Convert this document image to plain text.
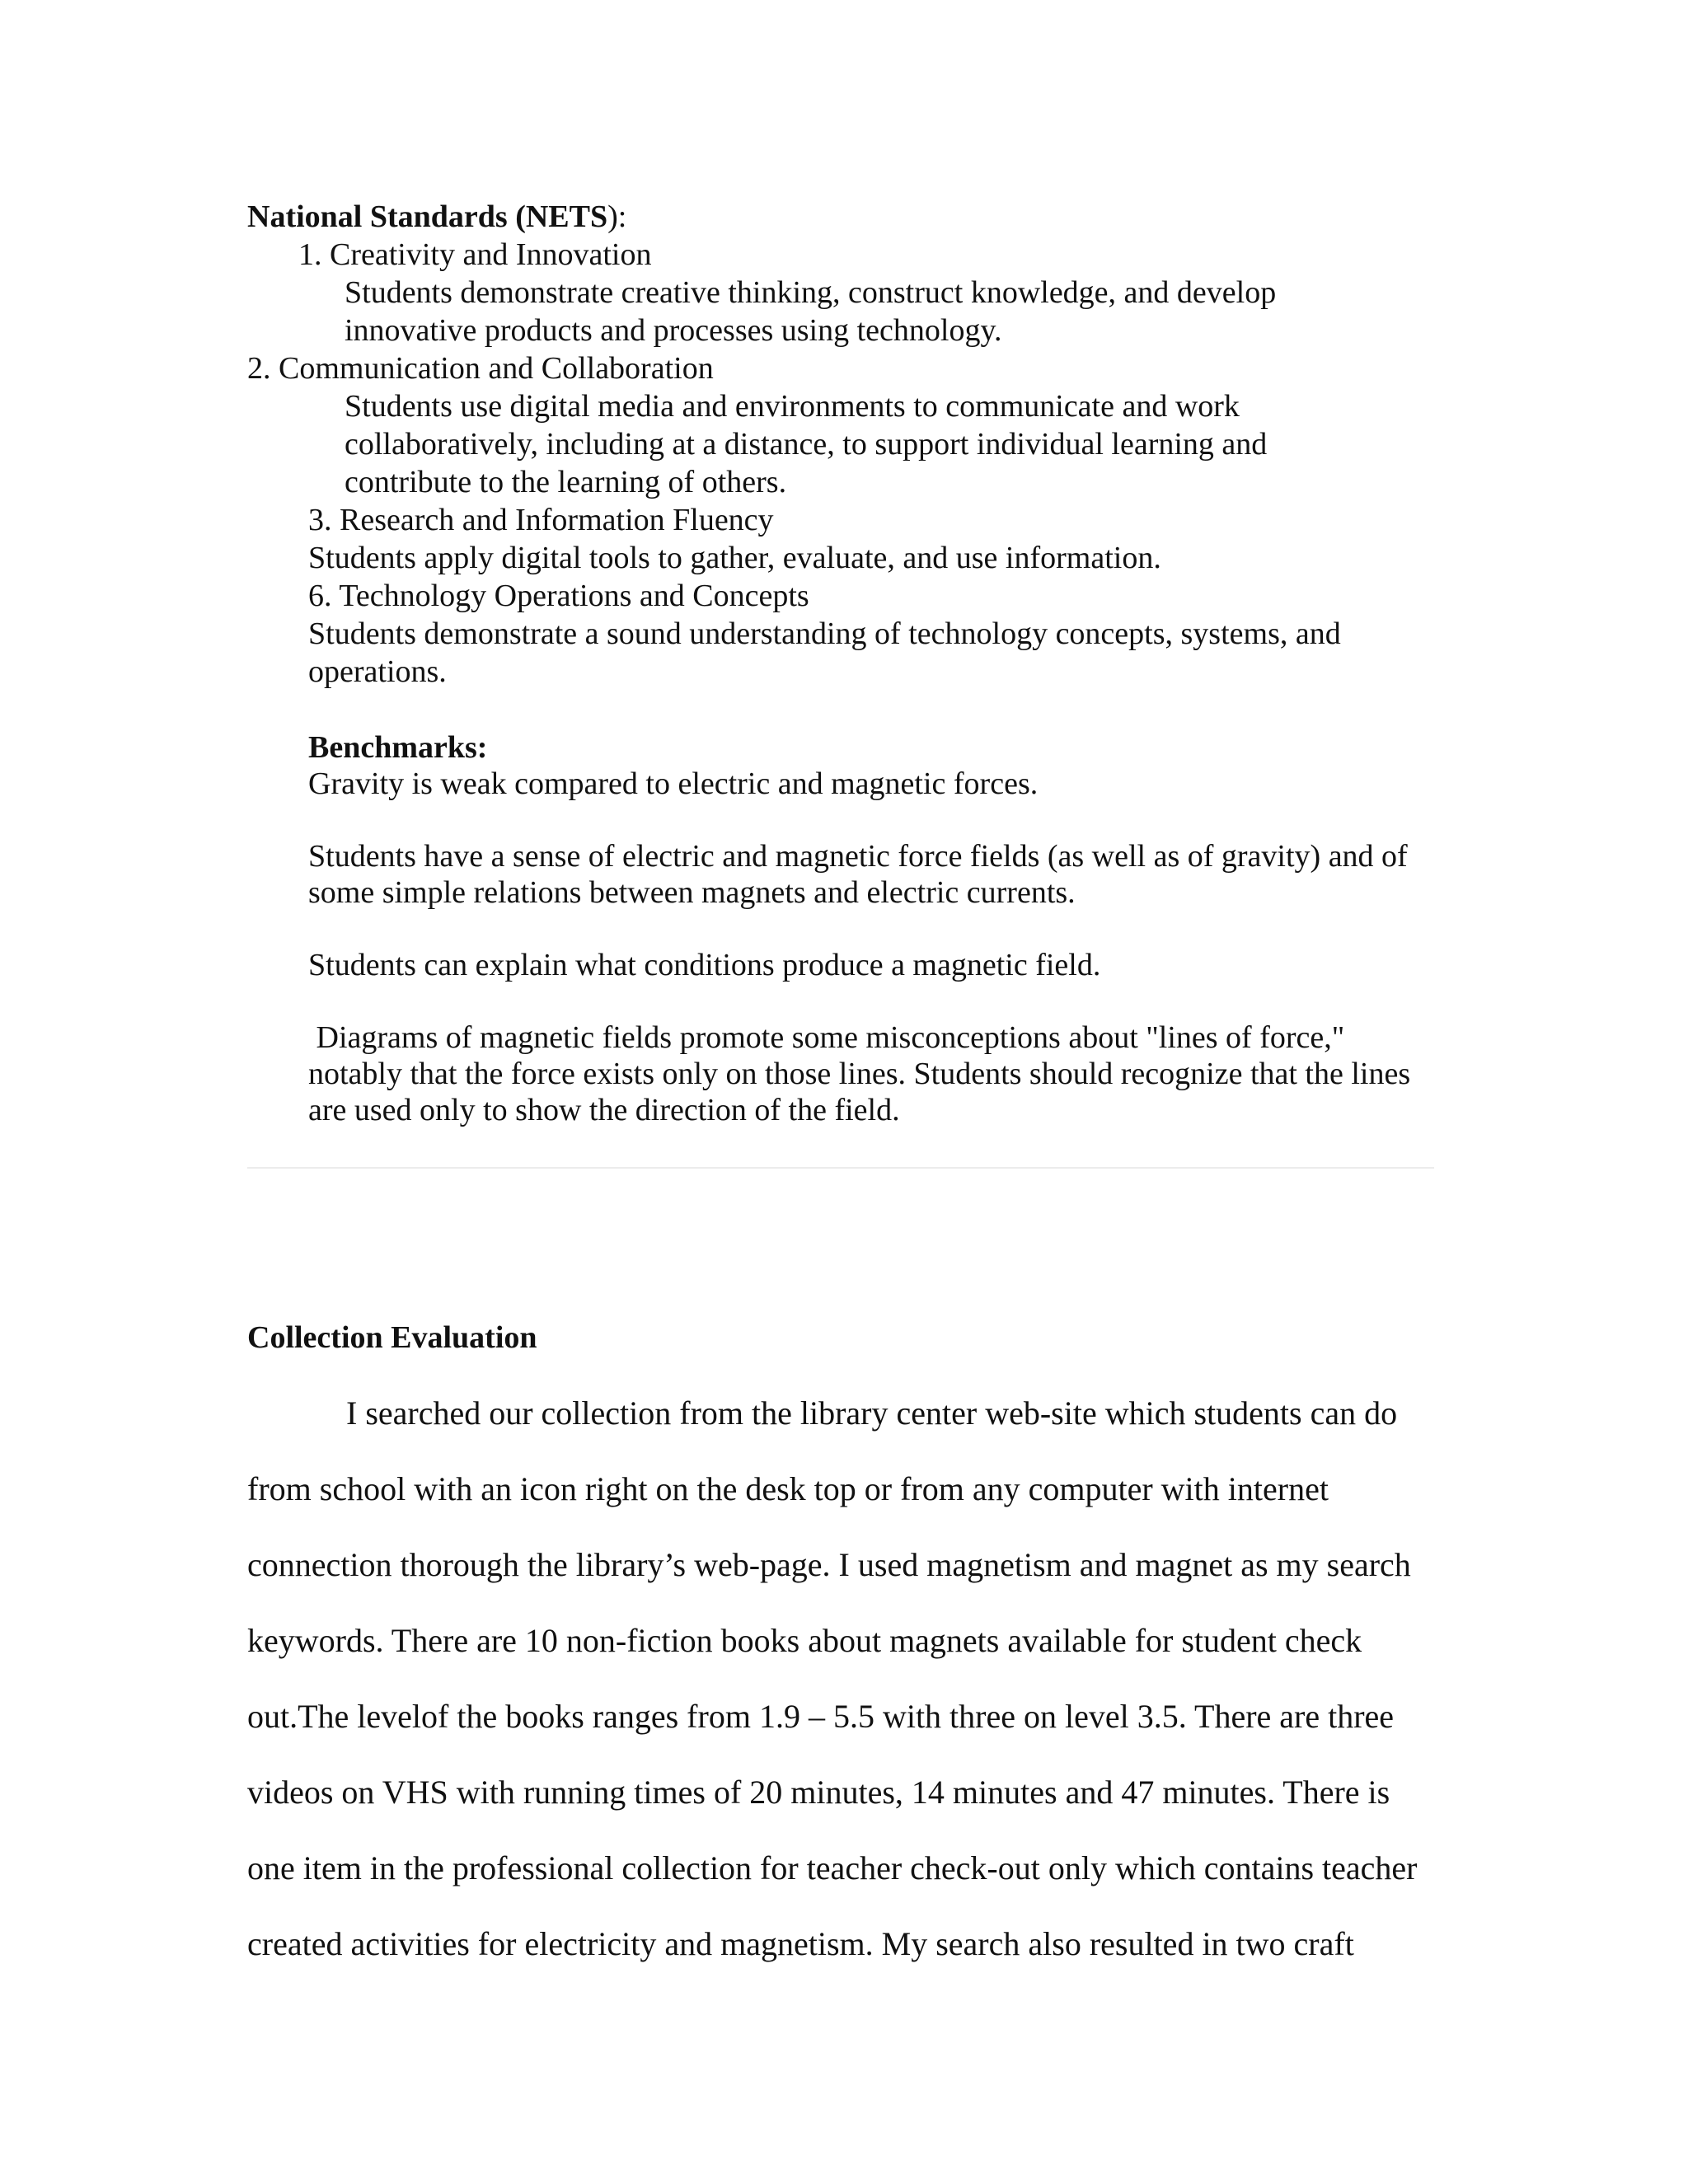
National Standards (NETS):
1. Creativity and Innovation
Students demonstrate creative thinking, construct knowledge, and develop
innovative products and processes using technology.
2. Communication and Collaboration
Students use digital media and environments to communicate and work
collaboratively, including at a distance, to support individual learning and
contribute to the learning of others.
3. Research and Information Fluency
Students apply digital tools to gather, evaluate, and use information.
6. Technology Operations and Concepts
Students demonstrate a sound understanding of technology concepts, systems, and
operations.
Benchmarks:
Gravity is weak compared to electric and magnetic forces.
Students have a sense of electric and magnetic force fields (as well as of gravity) and of
some simple relations between magnets and electric currents.
Students can explain what conditions produce a magnetic field.
Diagrams of magnetic fields promote some misconceptions about "lines of force,"
notably that the force exists only on those lines. Students should recognize that the lines
are used only to show the direction of the field.
Collection Evaluation
I searched our collection from the library center web-site which students can do
from school with an icon right on the desk top or from any computer with internet
connection thorough the library’s web-page. I used magnetism and magnet as my search
keywords. There are 10 non-fiction books about magnets available for student check
out.The levelof the books ranges from 1.9 – 5.5 with three on level 3.5. There are three
videos on VHS with running times of 20 minutes, 14 minutes and 47 minutes. There is
one item in the professional collection for teacher check-out only which contains teacher
created activities for electricity and magnetism. My search also resulted in two craft
